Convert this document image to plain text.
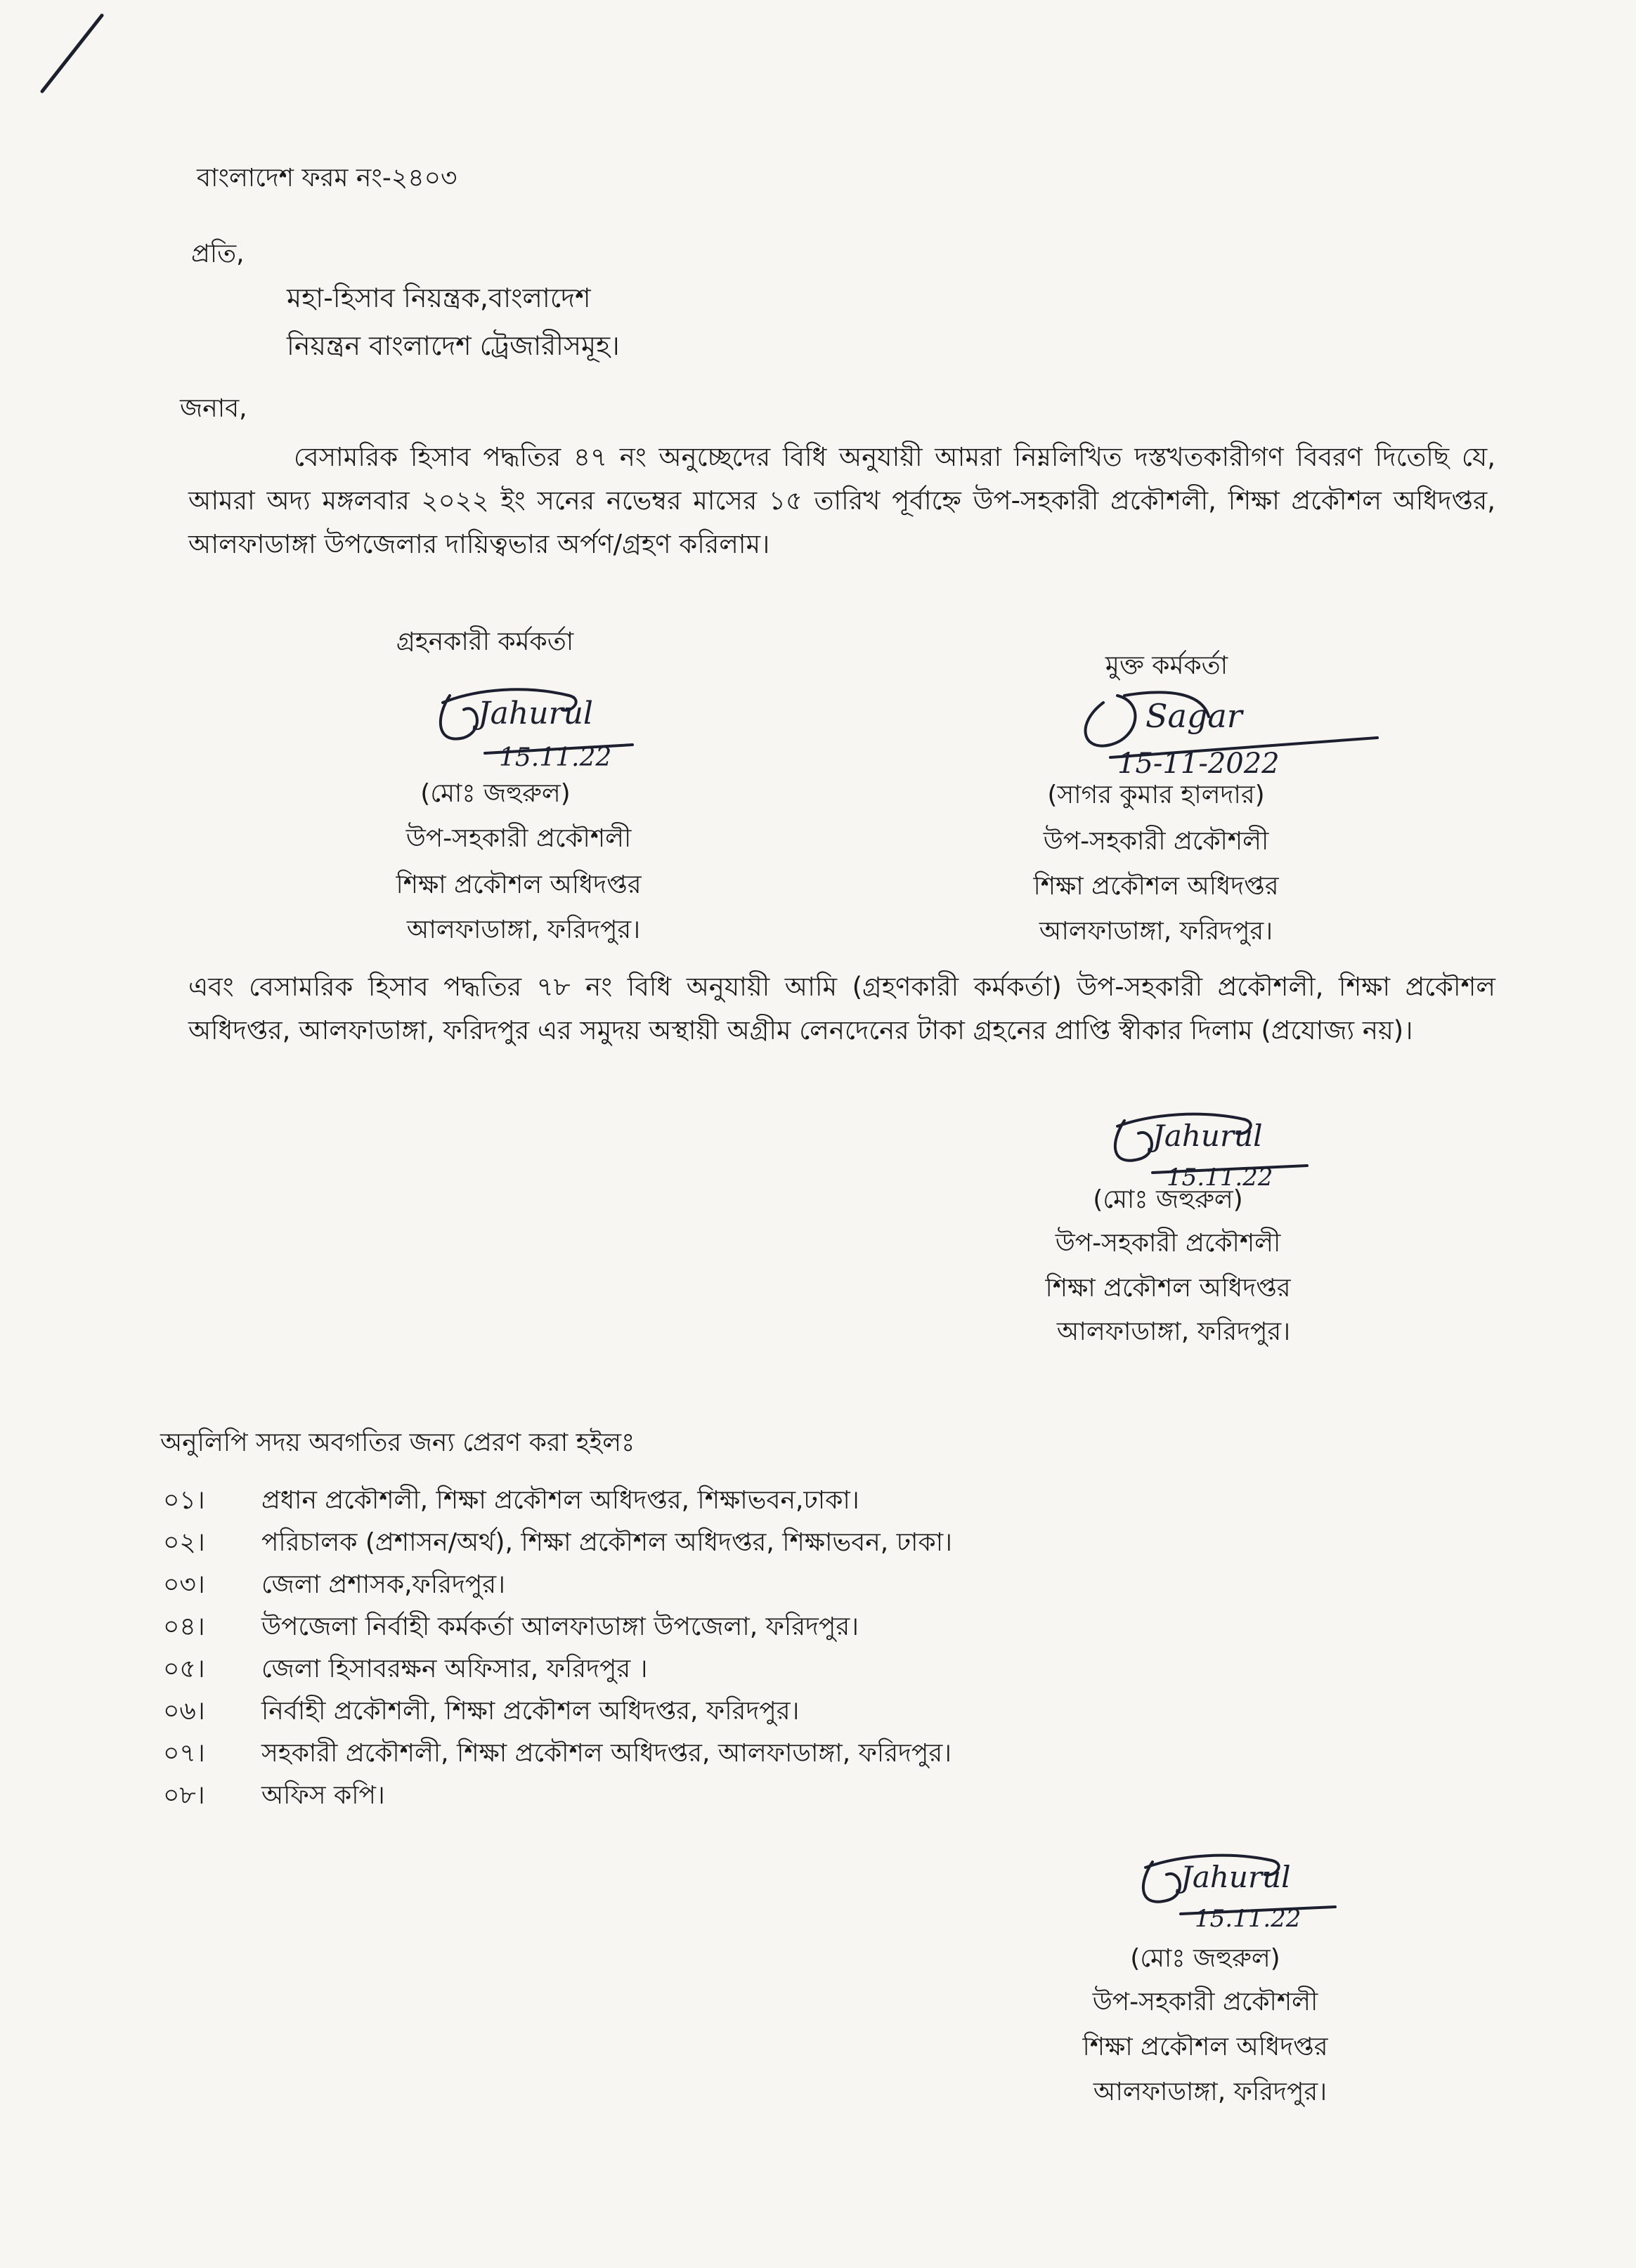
বাংলাদেশ ফরম নং-২৪০৩
প্রতি,
মহা-হিসাব নিয়ন্ত্রক,বাংলাদেশ
নিয়ন্ত্রন বাংলাদেশ ট্রেজারীসমূহ।
জনাব,
বেসামরিক হিসাব পদ্ধতির ৪৭ নং অনুচ্ছেদের বিধি অনুযায়ী আমরা নিম্নলিখিত দস্তখতকারীগণ বিবরণ দিতেছি যে, আমরা অদ্য মঙ্গলবার ২০২২ ইং সনের নভেম্বর মাসের ১৫ তারিখ পূর্বাহ্নে উপ-সহকারী প্রকৌশলী, শিক্ষা প্রকৌশল অধিদপ্তর, আলফাডাঙ্গা উপজেলার দায়িত্বভার অর্পণ/গ্রহণ করিলাম।
গ্রহনকারী কর্মকর্তা
Jahurul
15.11.22
(মোঃ জহুরুল)
উপ-সহকারী প্রকৌশলী
শিক্ষা প্রকৌশল অধিদপ্তর
আলফাডাঙ্গা, ফরিদপুর।
মুক্ত কর্মকর্তা
Sagar
15-11-2022
(সাগর কুমার হালদার)
উপ-সহকারী প্রকৌশলী
শিক্ষা প্রকৌশল অধিদপ্তর
আলফাডাঙ্গা, ফরিদপুর।
এবং বেসামরিক হিসাব পদ্ধতির ৭৮ নং বিধি অনুযায়ী আমি (গ্রহণকারী কর্মকর্তা) উপ-সহকারী প্রকৌশলী, শিক্ষা প্রকৌশল অধিদপ্তর, আলফাডাঙ্গা, ফরিদপুর এর সমুদয় অস্থায়ী অগ্রীম লেনদেনের টাকা গ্রহনের প্রাপ্তি স্বীকার দিলাম (প্রযোজ্য নয়)।
Jahurul
15.11.22
(মোঃ জহুরুল)
উপ-সহকারী প্রকৌশলী
শিক্ষা প্রকৌশল অধিদপ্তর
আলফাডাঙ্গা, ফরিদপুর।
অনুলিপি সদয় অবগতির জন্য প্রেরণ করা হইলঃ
০১। প্রধান প্রকৌশলী, শিক্ষা প্রকৌশল অধিদপ্তর, শিক্ষাভবন,ঢাকা।
০২। পরিচালক (প্রশাসন/অর্থ), শিক্ষা প্রকৌশল অধিদপ্তর, শিক্ষাভবন, ঢাকা।
০৩। জেলা প্রশাসক,ফরিদপুর।
০৪। উপজেলা নির্বাহী কর্মকর্তা আলফাডাঙ্গা উপজেলা, ফরিদপুর।
০৫। জেলা হিসাবরক্ষন অফিসার, ফরিদপুর ।
০৬। নির্বাহী প্রকৌশলী, শিক্ষা প্রকৌশল অধিদপ্তর, ফরিদপুর।
০৭। সহকারী প্রকৌশলী, শিক্ষা প্রকৌশল অধিদপ্তর, আলফাডাঙ্গা, ফরিদপুর।
০৮। অফিস কপি।
Jahurul
15.11.22
(মোঃ জহুরুল)
উপ-সহকারী প্রকৌশলী
শিক্ষা প্রকৌশল অধিদপ্তর
আলফাডাঙ্গা, ফরিদপুর।
